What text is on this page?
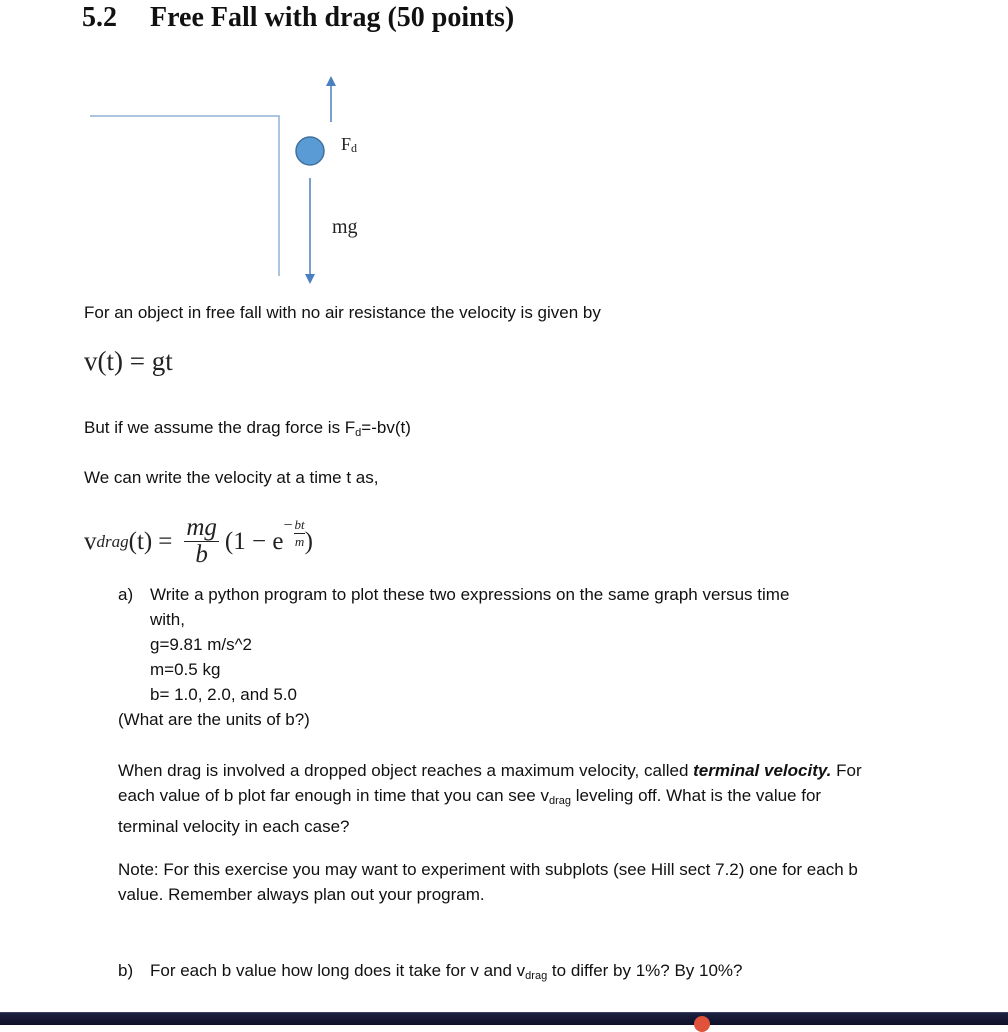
5.2 Free Fall with drag (50 points)
Fd
mg

For an object in free fall with no air resistance the velocity is given by

v(t) = gt

But if we assume the drag force is $F_d=-bv(t)$

We can write the velocity at a time t as,

v drag $(t) = \frac{mg}{b} (1 - e$
− bt
m )

a) Write a python program to plot these two expressions on the same graph versus time

with,

g=9.81 m/s^2

m=0.5 kg

b= 1.0, 2.0, and 5.0

(What are the units of b?)

When drag is involved a dropped object reaches a maximum velocity, called terminal velocity. For

each value of b plot far enough in time that you can see $v_{drag}$ leveling off. What is the value for

terminal velocity in each case?

Note: For this exercise you may want to experiment with subplots (see Hill sect 7.2) one for each b

value. Remember always plan out your program.

b) For each b value how long does it take for v and $v_{drag}$ to differ by 1%? By 10%?
